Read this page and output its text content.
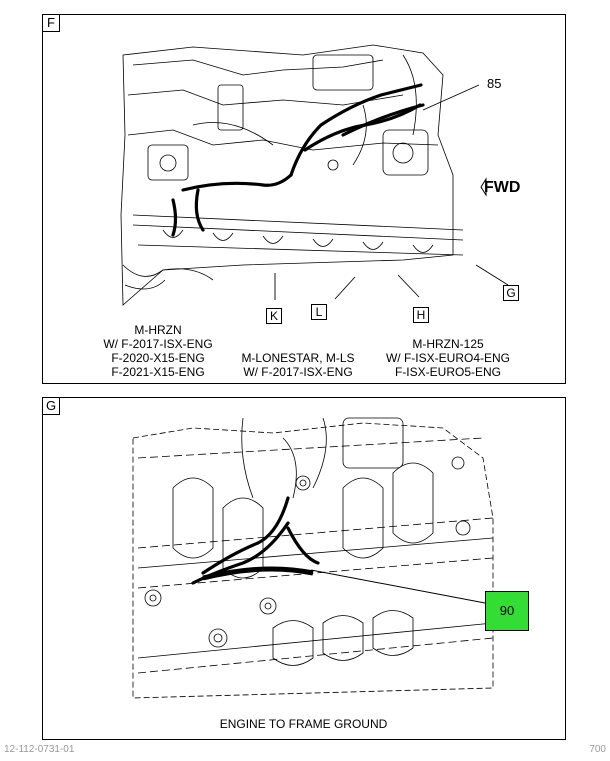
F
85
FWD
G
K	L	H
M-HRZN
W/ F-2017-ISX-ENG
F-2020-X15-ENG
F-2021-X15-ENG
M-LONESTAR, M-LS
W/ F-2017-ISX-ENG
M-HRZN-125
W/ F-ISX-EURO4-ENG
F-ISX-EURO5-ENG
G
90
ENGINE TO FRAME GROUND
12-112-0731-01	700
